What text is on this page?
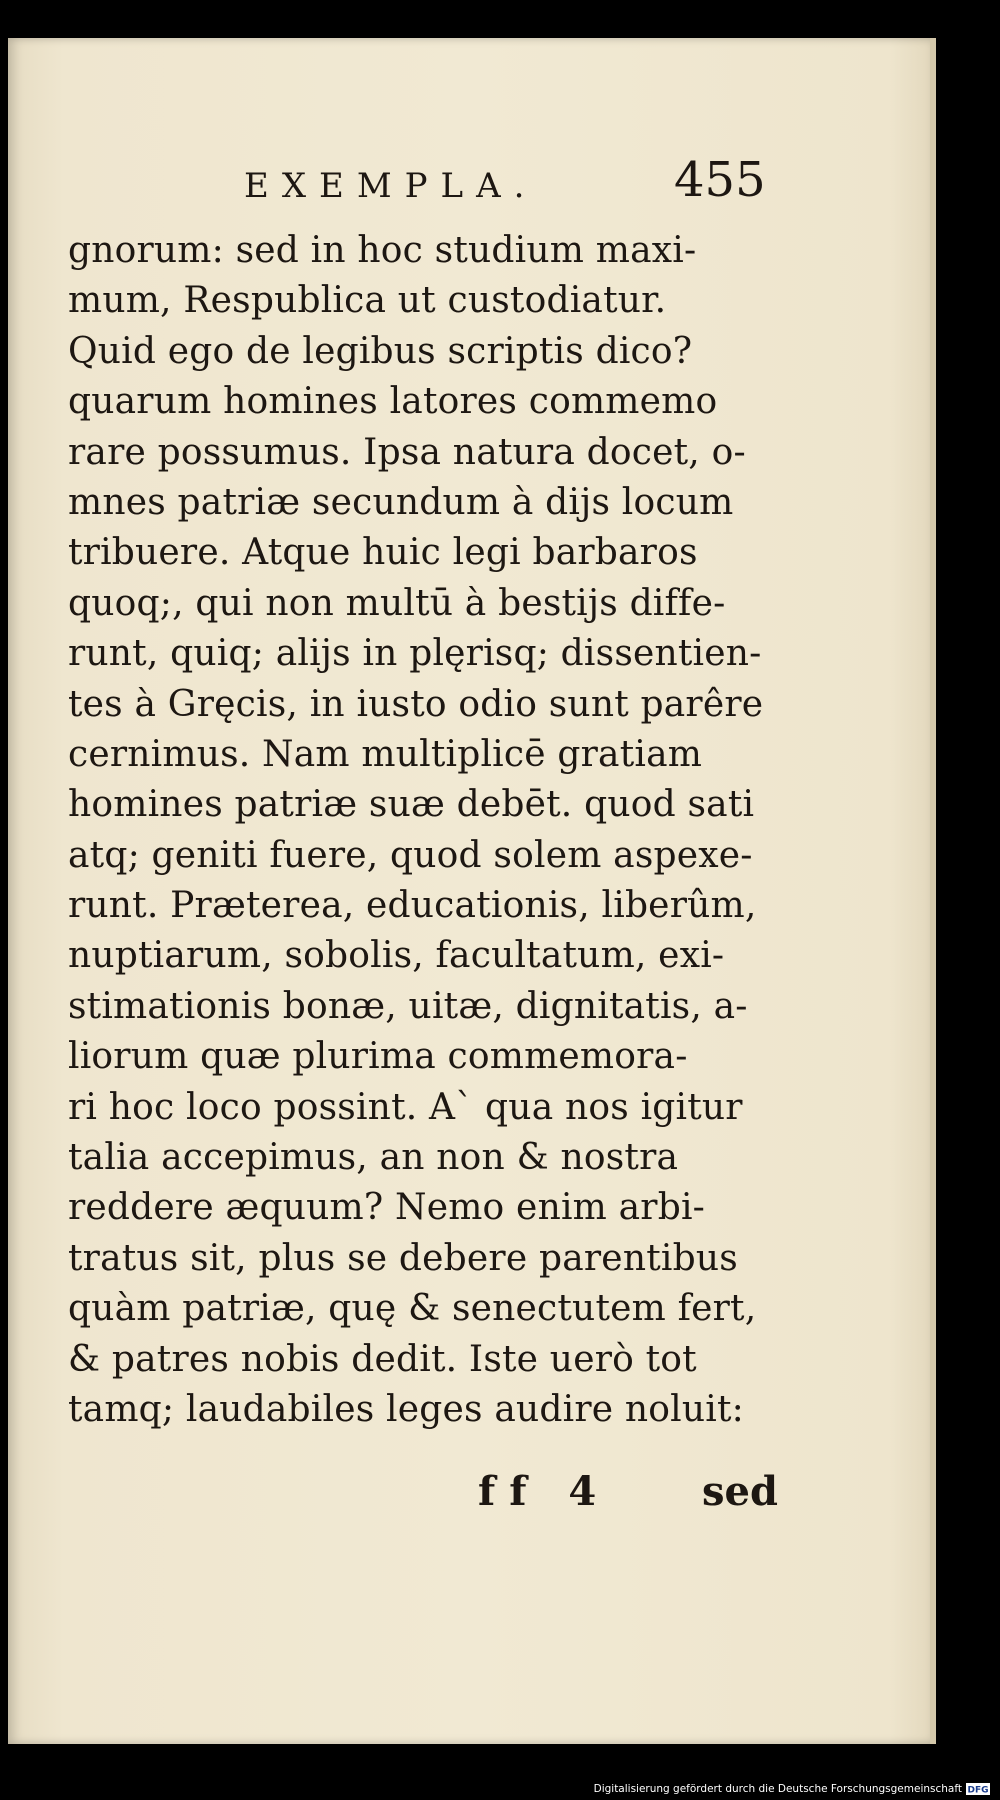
EXEMPLA.	455
gnorum: sed in hoc studium maxi-
mum, Respublica ut custodiatur.
Quid ego de legibus scriptis dico?
quarum homines latores commemo
rare possumus. Ipsa natura docet, o-
mnes patriæ secundum à dijs locum
tribuere. Atque huic legi barbaros
quoq;, qui non multū à bestijs diffe-
runt, quiq; alijs in plęrisq; dissentien-
tes à Gręcis, in iusto odio sunt parêre
cernimus. Nam multiplicē gratiam
homines patriæ suæ debēt. quod sati
atq; geniti fuere, quod solem aspexe-
runt. Præterea, educationis, liberûm,
nuptiarum, sobolis, facultatum, exi-
stimationis bonæ, uitæ, dignitatis, a-
liorum quæ plurima commemora-
ri hoc loco possint. A` qua nos igitur
talia accepimus, an non & nostra
reddere æquum? Nemo enim arbi-
tratus sit, plus se debere parentibus
quàm patriæ, quę & senectutem fert,
& patres nobis dedit. Iste uerò tot
tamq; laudabiles leges audire noluit:
ff 4 sed
Digitalisierung gefördert durch die Deutsche Forschungsgemeinschaft DFG
